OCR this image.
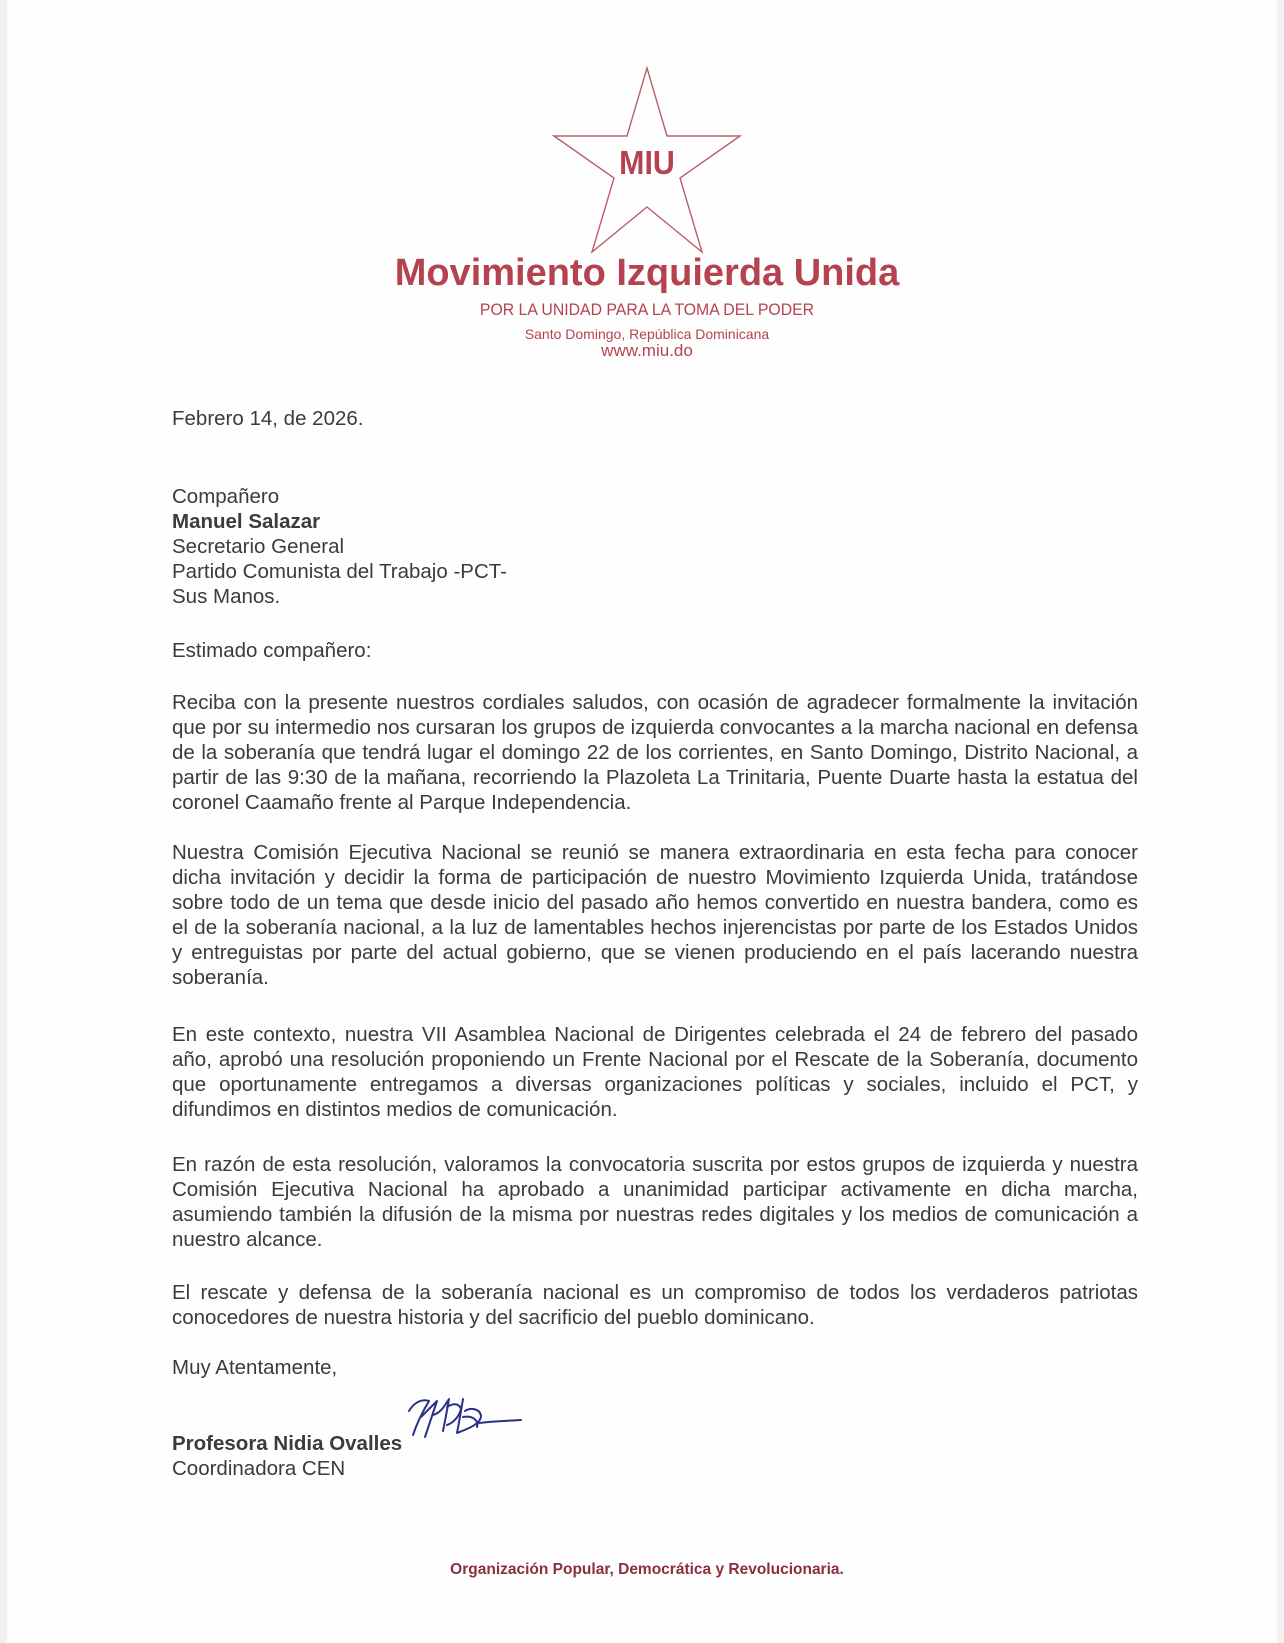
MIU
Movimiento Izquierda Unida
POR LA UNIDAD PARA LA TOMA DEL PODER
Santo Domingo, República Dominicana
www.miu.do
Febrero 14, de 2026.
Compañero
Manuel Salazar
Secretario General
Partido Comunista del Trabajo -PCT-
Sus Manos.
Estimado compañero:

Reciba con la presente nuestros cordiales saludos, con ocasión de agradecer formalmente la invitación que por su intermedio nos cursaran los grupos de izquierda convocantes a la marcha nacional en defensa de la soberanía que tendrá lugar el domingo 22 de los corrientes, en Santo Domingo, Distrito Nacional, a partir de las 9:30 de la mañana, recorriendo la Plazoleta La Trinitaria, Puente Duarte hasta la estatua del coronel Caamaño frente al Parque Independencia.

Nuestra Comisión Ejecutiva Nacional se reunió se manera extraordinaria en esta fecha para conocer dicha invitación y decidir la forma de participación de nuestro Movimiento Izquierda Unida, tratándose sobre todo de un tema que desde inicio del pasado año hemos convertido en nuestra bandera, como es el de la soberanía nacional, a la luz de lamentables hechos injerencistas por parte de los Estados Unidos y entreguistas por parte del actual gobierno, que se vienen produciendo en el país lacerando nuestra soberanía.

En este contexto, nuestra VII Asamblea Nacional de Dirigentes celebrada el 24 de febrero del pasado año, aprobó una resolución proponiendo un Frente Nacional por el Rescate de la Soberanía, documento que oportunamente entregamos a diversas organizaciones políticas y sociales, incluido el PCT, y difundimos en distintos medios de comunicación.

En razón de esta resolución, valoramos la convocatoria suscrita por estos grupos de izquierda y nuestra Comisión Ejecutiva Nacional ha aprobado a unanimidad participar activamente en dicha marcha, asumiendo también la difusión de la misma por nuestras redes digitales y los medios de comunicación a nuestro alcance.

El rescate y defensa de la soberanía nacional es un compromiso de todos los verdaderos patriotas conocedores de nuestra historia y del sacrificio del pueblo dominicano.

Muy Atentamente,
Profesora Nidia Ovalles
Coordinadora CEN
Organización Popular, Democrática y Revolucionaria.
